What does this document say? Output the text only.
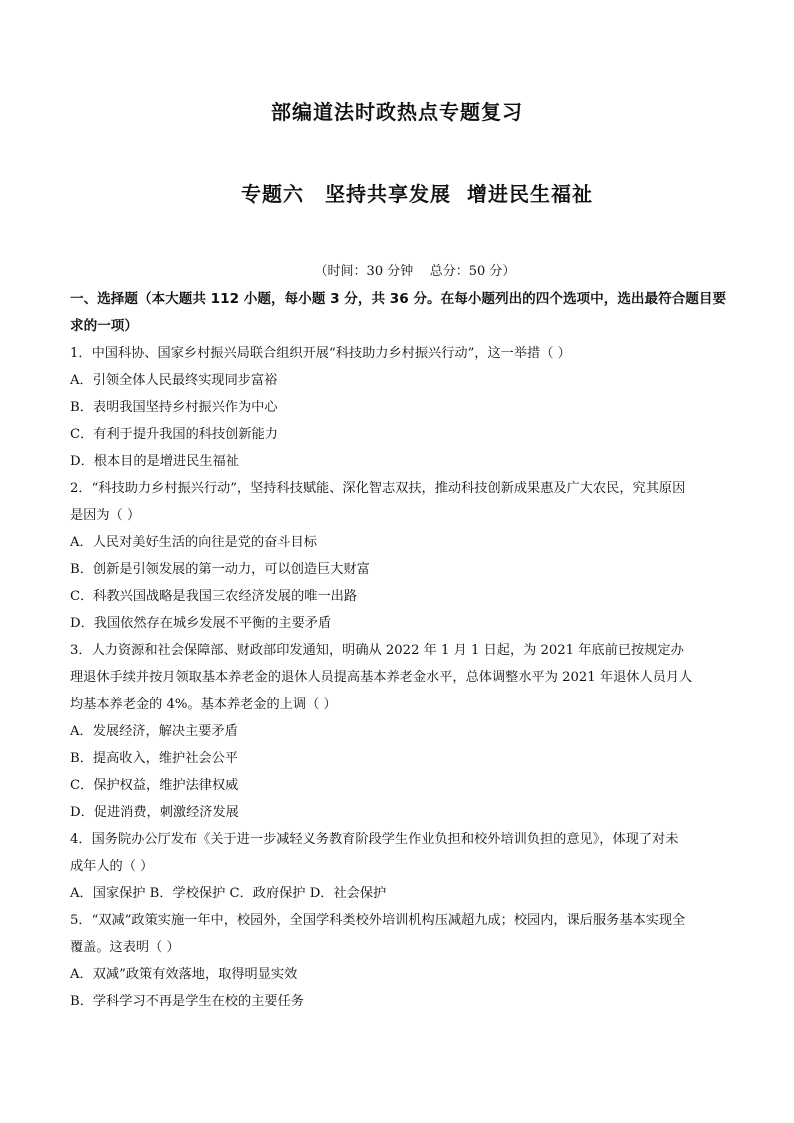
部编道法时政热点专题复习
专题六　坚持共享发展  增进民生福祉
（时间：30 分钟    总分：50 分）
一、选择题（本大题共 112 小题，每小题 3 分，共 36 分。在每小题列出的四个选项中，选出最符合题目要
求的一项）
1．中国科协、国家乡村振兴局联合组织开展“科技助力乡村振兴行动”，这一举措（ ）
A．引领全体人民最终实现同步富裕
B．表明我国坚持乡村振兴作为中心
C．有利于提升我国的科技创新能力
D．根本目的是增进民生福祉
2．“科技助力乡村振兴行动”，坚持科技赋能、深化智志双扶，推动科技创新成果惠及广大农民，究其原因
是因为（ ）
A．人民对美好生活的向往是党的奋斗目标
B．创新是引领发展的第一动力，可以创造巨大财富
C．科教兴国战略是我国三农经济发展的唯一出路
D．我国依然存在城乡发展不平衡的主要矛盾
3．人力资源和社会保障部、财政部印发通知，明确从 2022 年 1 月 1 日起，为 2021 年底前已按规定办
理退休手续并按月领取基本养老金的退休人员提高基本养老金水平，总体调整水平为 2021 年退休人员月人
均基本养老金的 4%。基本养老金的上调（ ）
A．发展经济，解决主要矛盾
B．提高收入，维护社会公平
C．保护权益，维护法律权威
D．促进消费，刺激经济发展
4．国务院办公厅发布《关于进一步减轻义务教育阶段学生作业负担和校外培训负担的意见》，体现了对未
成年人的（ ）
A．国家保护 B．学校保护 C．政府保护 D．社会保护
5．“双减”政策实施一年中，校园外，全国学科类校外培训机构压减超九成；校园内，课后服务基本实现全
覆盖。这表明（ ）
A．双减”政策有效落地，取得明显实效
B．学科学习不再是学生在校的主要任务
